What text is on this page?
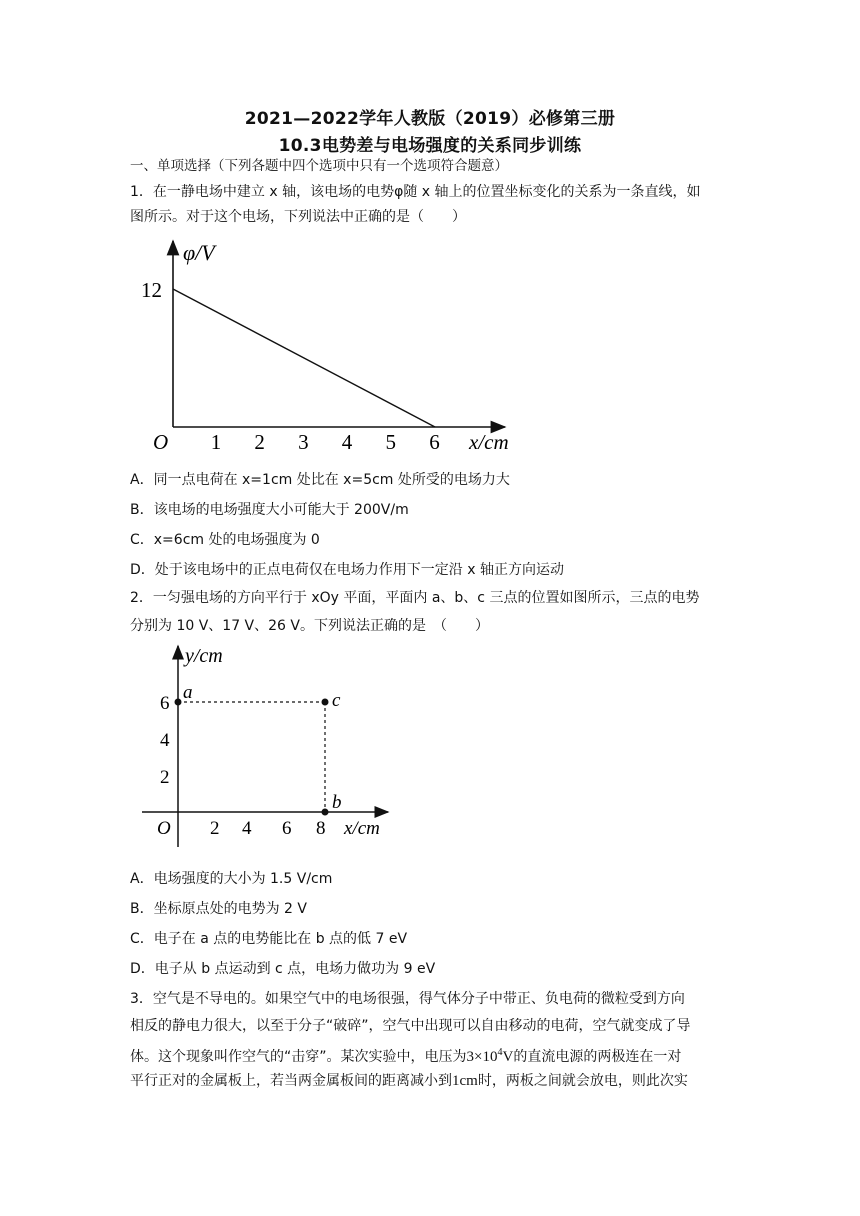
2021—2022学年人教版（2019）必修第三册
10.3电势差与电场强度的关系同步训练
一、单项选择（下列各题中四个选项中只有一个选项符合题意）
1．在一静电场中建立 x 轴，该电场的电势φ随 x 轴上的位置坐标变化的关系为一条直线，如
图所示。对于这个电场，下列说法中正确的是（　　）
φ/V
12
O 1 2 3 4 5 6 x/cm
A．同一点电荷在 x=1cm 处比在 x=5cm 处所受的电场力大
B．该电场的电场强度大小可能大于 200V/m
C．x=6cm 处的电场强度为 0
D．处于该电场中的正点电荷仅在电场力作用下一定沿 x 轴正方向运动
2．一匀强电场的方向平行于 xOy 平面，平面内 a、b、c 三点的位置如图所示，三点的电势
分别为 10 V、17 V、26 V。下列说法正确的是　（　　）
y/cm
a	c
b
6
4
2
O 2 4 6 8 x/cm
A．电场强度的大小为 1.5 V/cm
B．坐标原点处的电势为 2 V
C．电子在 a 点的电势能比在 b 点的低 7 eV
D．电子从 b 点运动到 c 点，电场力做功为 9 eV
3．空气是不导电的。如果空气中的电场很强，得气体分子中带正、负电荷的微粒受到方向
相反的静电力很大，以至于分子“破碎”，空气中出现可以自由移动的电荷，空气就变成了导
体。这个现象叫作空气的“击穿”。某次实验中，电压为$3\times 10^4V$的直流电源的两极连在一对
平行正对的金属板上，若当两金属板间的距离减小到1cm时，两板之间就会放电，则此次实
